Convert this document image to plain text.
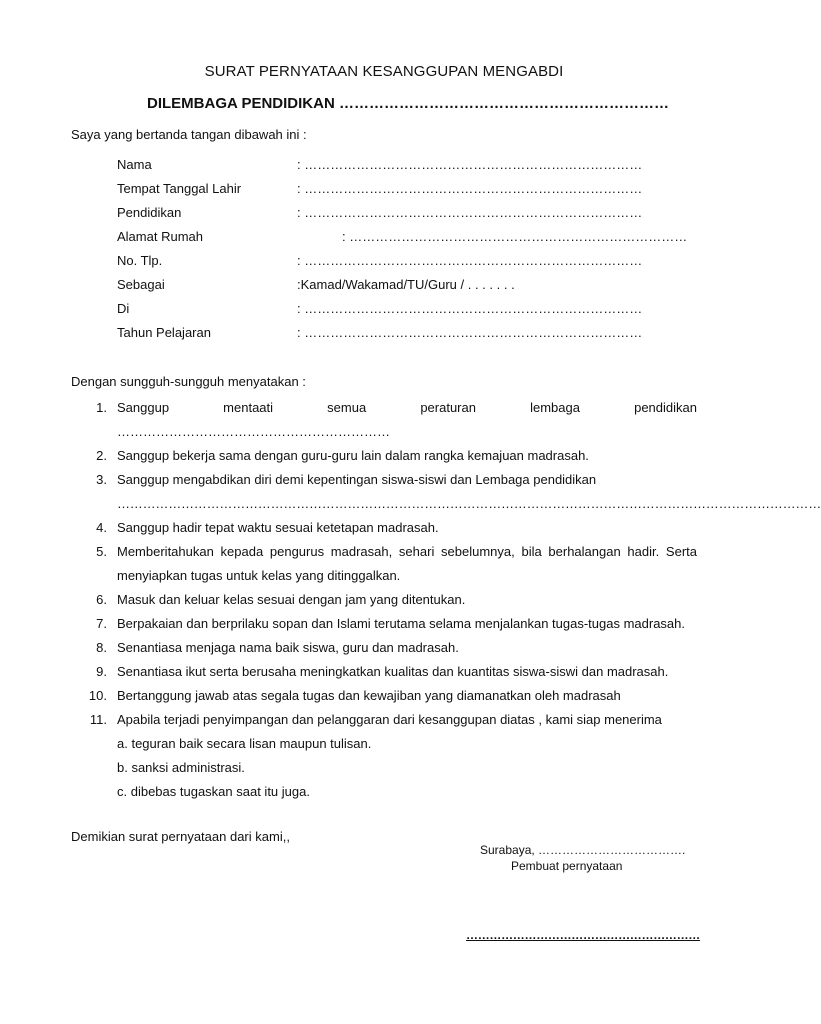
SURAT PERNYATAAN KESANGGUPAN MENGABDI
DILEMBAGA PENDIDIKAN …………………………………………………………
Saya yang bertanda tangan dibawah ini :
Nama	: ……………………………………………………………………
Tempat Tanggal Lahir	: ……………………………………………………………………
Pendidikan	: ……………………………………………………………………
Alamat Rumah	: ……………………………………………………………………
No. Tlp.	: ……………………………………………………………………
Sebagai	:Kamad/Wakamad/TU/Guru / . . . . . . .
Di	: ……………………………………………………………………
Tahun Pelajaran	: ……………………………………………………………………
Dengan sungguh-sungguh menyatakan :
1. Sanggup mentaati semua peraturan lembaga pendidikan ………………………………………………………
2. Sanggup bekerja sama dengan guru-guru lain dalam rangka kemajuan madrasah.
3. Sanggup mengabdikan diri demi kepentingan siswa-siswi dan Lembaga pendidikan
…………………………………………………………………………………………………………………………………………………
4. Sanggup hadir tepat waktu sesuai ketetapan madrasah.
5. Memberitahukan kepada pengurus madrasah, sehari sebelumnya, bila berhalangan hadir. Serta menyiapkan tugas untuk kelas yang ditinggalkan.
6. Masuk dan keluar kelas sesuai dengan jam yang ditentukan.
7. Berpakaian dan berprilaku sopan dan Islami terutama selama menjalankan tugas-tugas madrasah.
8. Senantiasa menjaga nama baik siswa, guru dan madrasah.
9. Senantiasa ikut serta berusaha meningkatkan kualitas dan kuantitas siswa-siswi dan madrasah.
10. Bertanggung jawab atas segala tugas dan kewajiban yang diamanatkan oleh madrasah
11. Apabila terjadi penyimpangan dan pelanggaran dari kesanggupan diatas , kami siap menerima
a. teguran baik secara lisan maupun tulisan.
b. sanksi administrasi.
c. dibebas tugaskan saat itu juga.
Demikian surat pernyataan dari kami,,
Surabaya, ……………………………….
Pembuat pernyataan
……………………………………………………
